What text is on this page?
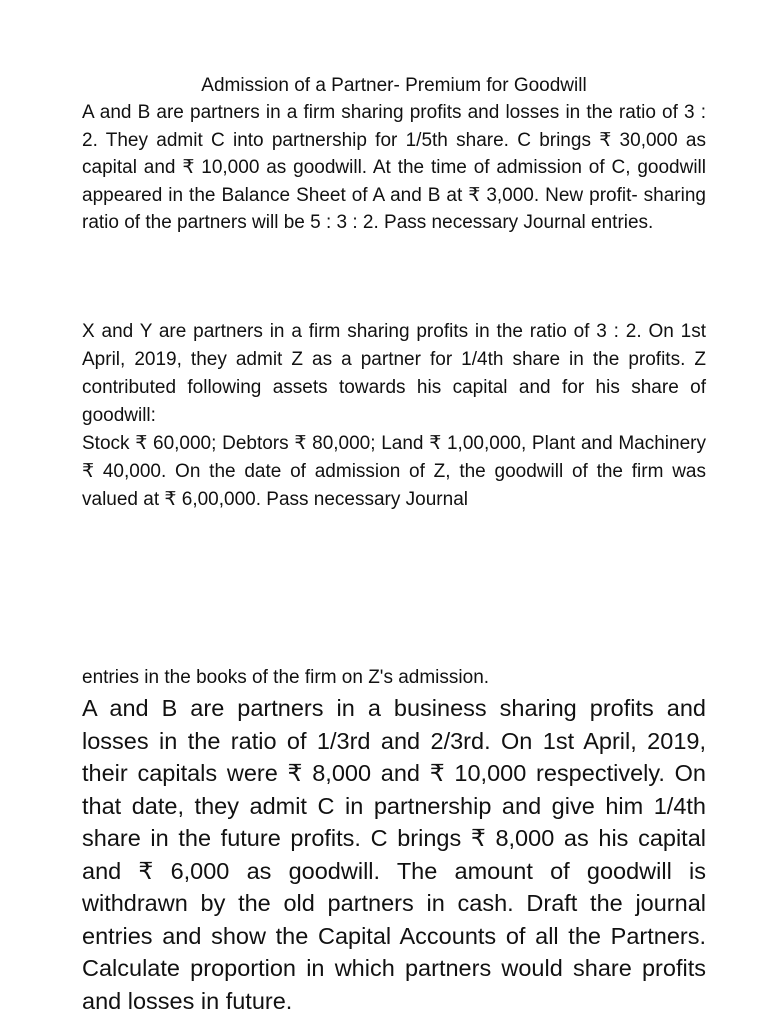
Admission of a Partner- Premium for Goodwill

A and B are partners in a firm sharing profits and losses in the ratio of 3 : 2. They admit C into partnership for 1/5th share. C brings ₹ 30,000 as capital and ₹ 10,000 as goodwill. At the time of admission of C, goodwill appeared in the Balance Sheet of A and B at ₹ 3,000. New profit- sharing ratio of the partners will be 5 : 3 : 2. Pass necessary Journal entries.

X and Y are partners in a firm sharing profits in the ratio of 3 : 2. On 1st April, 2019, they admit Z as a partner for 1/4th share in the profits. Z contributed following assets towards his capital and for his share of goodwill:

Stock ₹ 60,000; Debtors ₹ 80,000; Land ₹ 1,00,000, Plant and Machinery ₹ 40,000. On the date of admission of Z, the goodwill of the firm was valued at ₹ 6,00,000. Pass necessary Journal

entries in the books of the firm on Z's admission.

A and B are partners in a business sharing profits and losses in the ratio of 1/3rd and 2/3rd. On 1st April, 2019, their capitals were ₹ 8,000 and ₹ 10,000 respectively. On that date, they admit C in partnership and give him 1/4th share in the future profits. C brings ₹ 8,000 as his capital and ₹ 6,000 as goodwill. The amount of goodwill is withdrawn by the old partners in cash. Draft the journal entries and show the Capital Accounts of all the Partners. Calculate proportion in which partners would share profits and losses in future.
